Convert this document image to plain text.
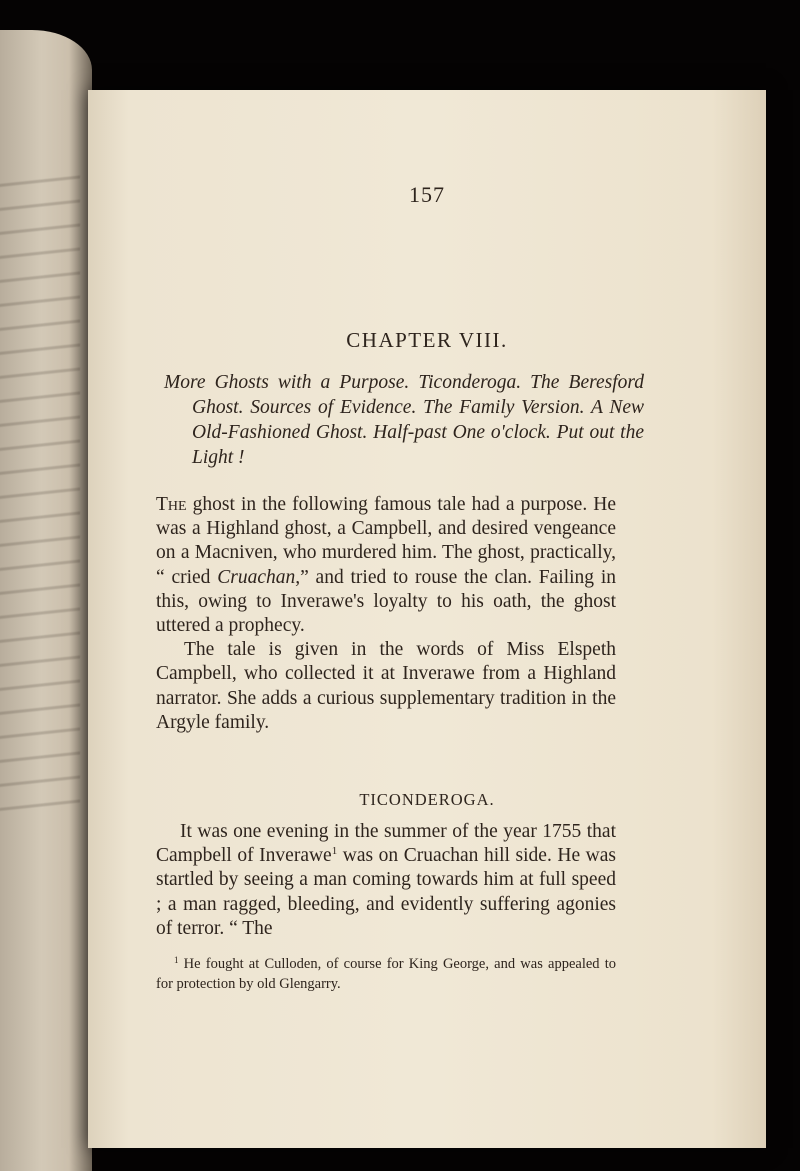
157
CHAPTER VIII.
More Ghosts with a Purpose. Ticonderoga. The Beresford Ghost. Sources of Evidence. The Family Version. A New Old-Fashioned Ghost. Half-past One o'clock. Put out the Light !

The ghost in the following famous tale had a purpose. He was a Highland ghost, a Campbell, and desired vengeance on a Macniven, who murdered him. The ghost, practically, “ cried Cruachan,” and tried to rouse the clan. Failing in this, owing to Inverawe's loyalty to his oath, the ghost uttered a prophecy.

The tale is given in the words of Miss Elspeth Campbell, who collected it at Inverawe from a Highland narrator. She adds a curious supplementary tradition in the Argyle family.

TICONDEROGA.
It was one evening in the summer of the year 1755 that Campbell of Inverawe$^1$ was on Cruachan hill side. He was startled by seeing a man coming towards him at full speed ; a man ragged, bleeding, and evidently suffering agonies of terror. “ The
$^1$ He fought at Culloden, of course for King George, and was appealed to for protection by old Glengarry.
